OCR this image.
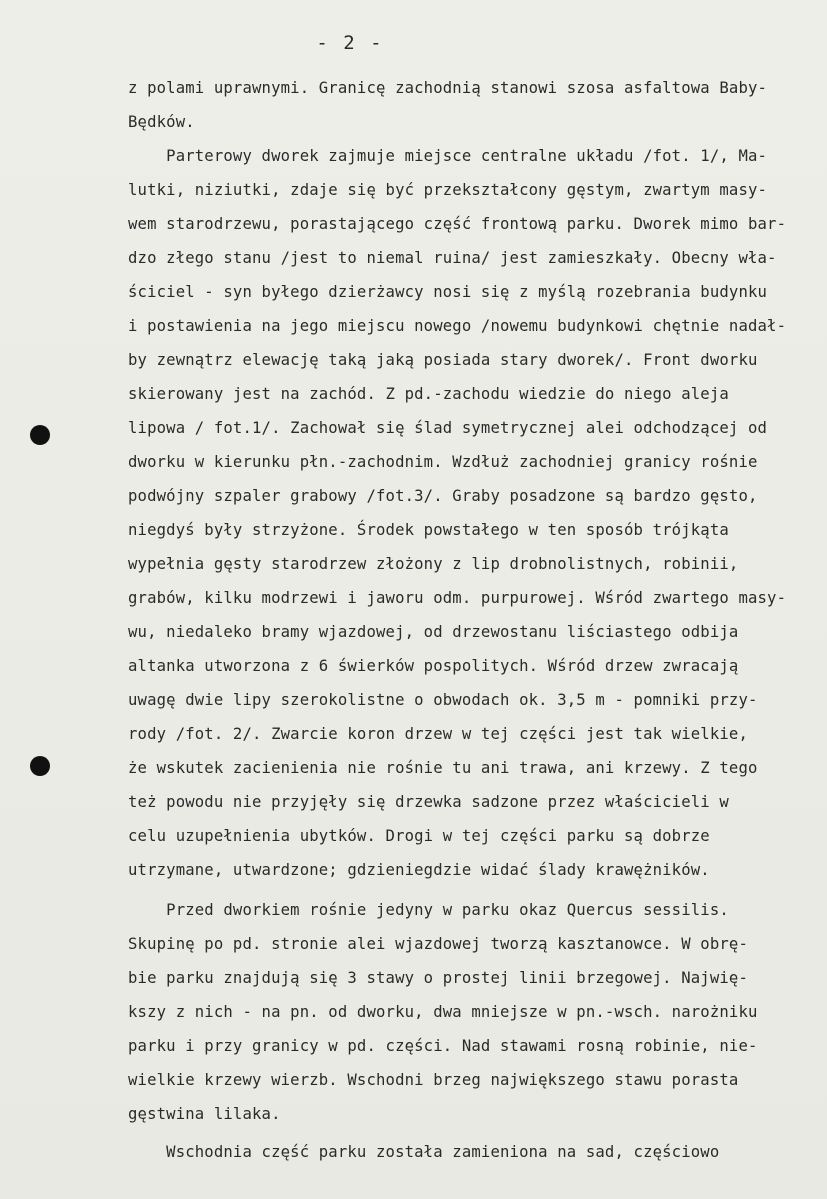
- 2 -
z polami uprawnymi. Granicę zachodnią stanowi szosa asfaltowa Baby-
Będków.
Parterowy dworek zajmuje miejsce centralne układu /fot. 1/, Ma-
lutki, niziutki, zdaje się być przekształcony gęstym, zwartym masy-
wem starodrzewu, porastającego część frontową parku. Dworek mimo bar-
dzo złego stanu /jest to niemal ruina/ jest zamieszkały. Obecny wła-
ściciel - syn byłego dzierżawcy nosi się z myślą rozebrania budynku
i postawienia na jego miejscu nowego /nowemu budynkowi chętnie nadał-
by zewnątrz elewację taką jaką posiada stary dworek/. Front dworku
skierowany jest na zachód. Z pd.-zachodu wiedzie do niego aleja
lipowa / fot.1/. Zachował się ślad symetrycznej alei odchodzącej od
dworku w kierunku płn.-zachodnim. Wzdłuż zachodniej granicy rośnie
podwójny szpaler grabowy /fot.3/. Graby posadzone są bardzo gęsto,
niegdyś były strzyżone. Środek powstałego w ten sposób trójkąta
wypełnia gęsty starodrzew złożony z lip drobnolistnych, robinii,
grabów, kilku modrzewi i jaworu odm. purpurowej. Wśród zwartego masy-
wu, niedaleko bramy wjazdowej, od drzewostanu liściastego odbija
altanka utworzona z 6 świerków pospolitych. Wśród drzew zwracają
uwagę dwie lipy szerokolistne o obwodach ok. 3,5 m - pomniki przy-
rody /fot. 2/. Zwarcie koron drzew w tej części jest tak wielkie,
że wskutek zacienienia nie rośnie tu ani trawa, ani krzewy. Z tego
też powodu nie przyjęły się drzewka sadzone przez właścicieli w
celu uzupełnienia ubytków. Drogi w tej części parku są dobrze
utrzymane, utwardzone; gdzieniegdzie widać ślady krawężników.
Przed dworkiem rośnie jedyny w parku okaz Quercus sessilis.
Skupinę po pd. stronie alei wjazdowej tworzą kasztanowce. W obrę-
bie parku znajdują się 3 stawy o prostej linii brzegowej. Najwię-
kszy z nich - na pn. od dworku, dwa mniejsze w pn.-wsch. narożniku
parku i przy granicy w pd. części. Nad stawami rosną robinie, nie-
wielkie krzewy wierzb. Wschodni brzeg największego stawu porasta
gęstwina lilaka.
Wschodnia część parku została zamieniona na sad, częściowo
